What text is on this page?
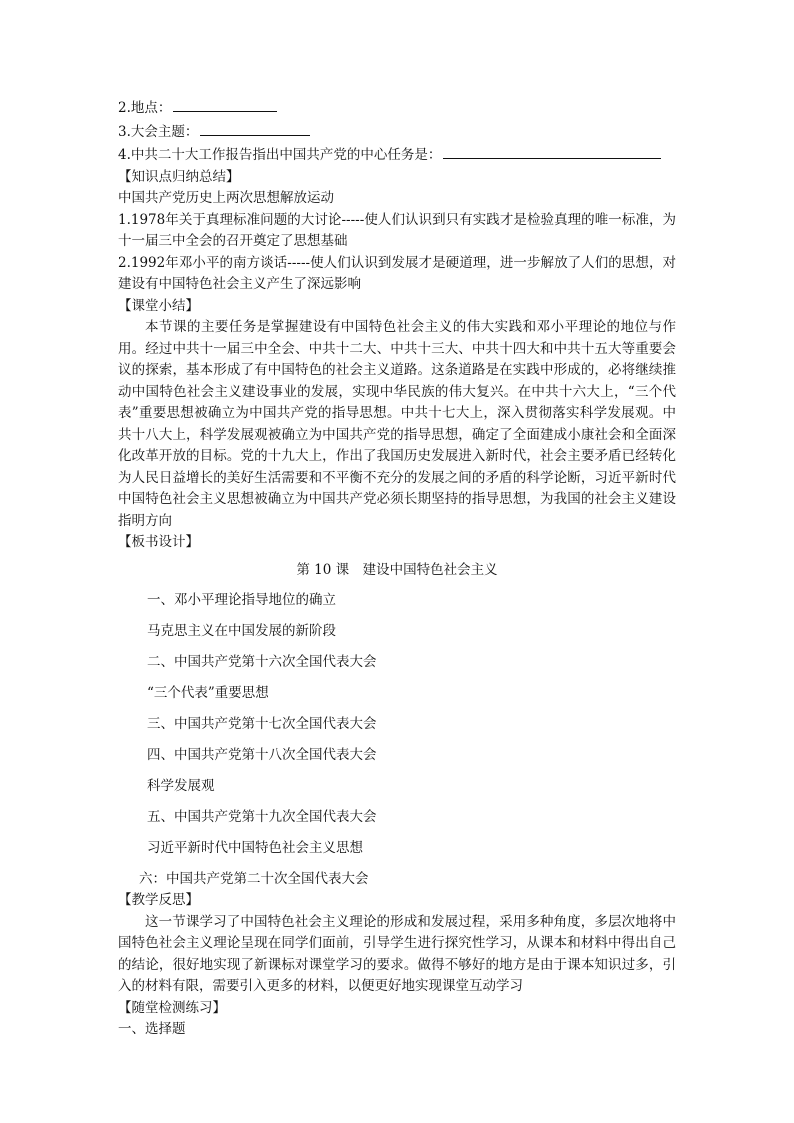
2.地点：
3.大会主题：
4.中共二十大工作报告指出中国共产党的中心任务是：
【知识点归纳总结】
中国共产党历史上两次思想解放运动
1.1978年关于真理标准问题的大讨论-----使人们认识到只有实践才是检验真理的唯一标准，为十一届三中全会的召开奠定了思想基础
2.1992年邓小平的南方谈话-----使人们认识到发展才是硬道理，进一步解放了人们的思想，对建设有中国特色社会主义产生了深远影响
【课堂小结】
本节课的主要任务是掌握建设有中国特色社会主义的伟大实践和邓小平理论的地位与作用。经过中共十一届三中全会、中共十二大、中共十三大、中共十四大和中共十五大等重要会议的探索，基本形成了有中国特色的社会主义道路。这条道路是在实践中形成的，必将继续推动中国特色社会主义建设事业的发展，实现中华民族的伟大复兴。在中共十六大上，“三个代表”重要思想被确立为中国共产党的指导思想。中共十七大上，深入贯彻落实科学发展观。中共十八大上，科学发展观被确立为中国共产党的指导思想，确定了全面建成小康社会和全面深化改革开放的目标。党的十九大上，作出了我国历史发展进入新时代，社会主要矛盾已经转化为人民日益增长的美好生活需要和不平衡不充分的发展之间的矛盾的科学论断，习近平新时代中国特色社会主义思想被确立为中国共产党必须长期坚持的指导思想，为我国的社会主义建设指明方向
【板书设计】
第 10 课　建设中国特色社会主义
一、邓小平理论指导地位的确立
马克思主义在中国发展的新阶段
二、中国共产党第十六次全国代表大会
“三个代表”重要思想
三、中国共产党第十七次全国代表大会
四、中国共产党第十八次全国代表大会
科学发展观
五、中国共产党第十九次全国代表大会
习近平新时代中国特色社会主义思想
六：中国共产党第二十次全国代表大会
【教学反思】
这一节课学习了中国特色社会主义理论的形成和发展过程，采用多种角度，多层次地将中国特色社会主义理论呈现在同学们面前，引导学生进行探究性学习，从课本和材料中得出自己的结论，很好地实现了新课标对课堂学习的要求。做得不够好的地方是由于课本知识过多，引入的材料有限，需要引入更多的材料，以便更好地实现课堂互动学习
【随堂检测练习】
一、选择题
